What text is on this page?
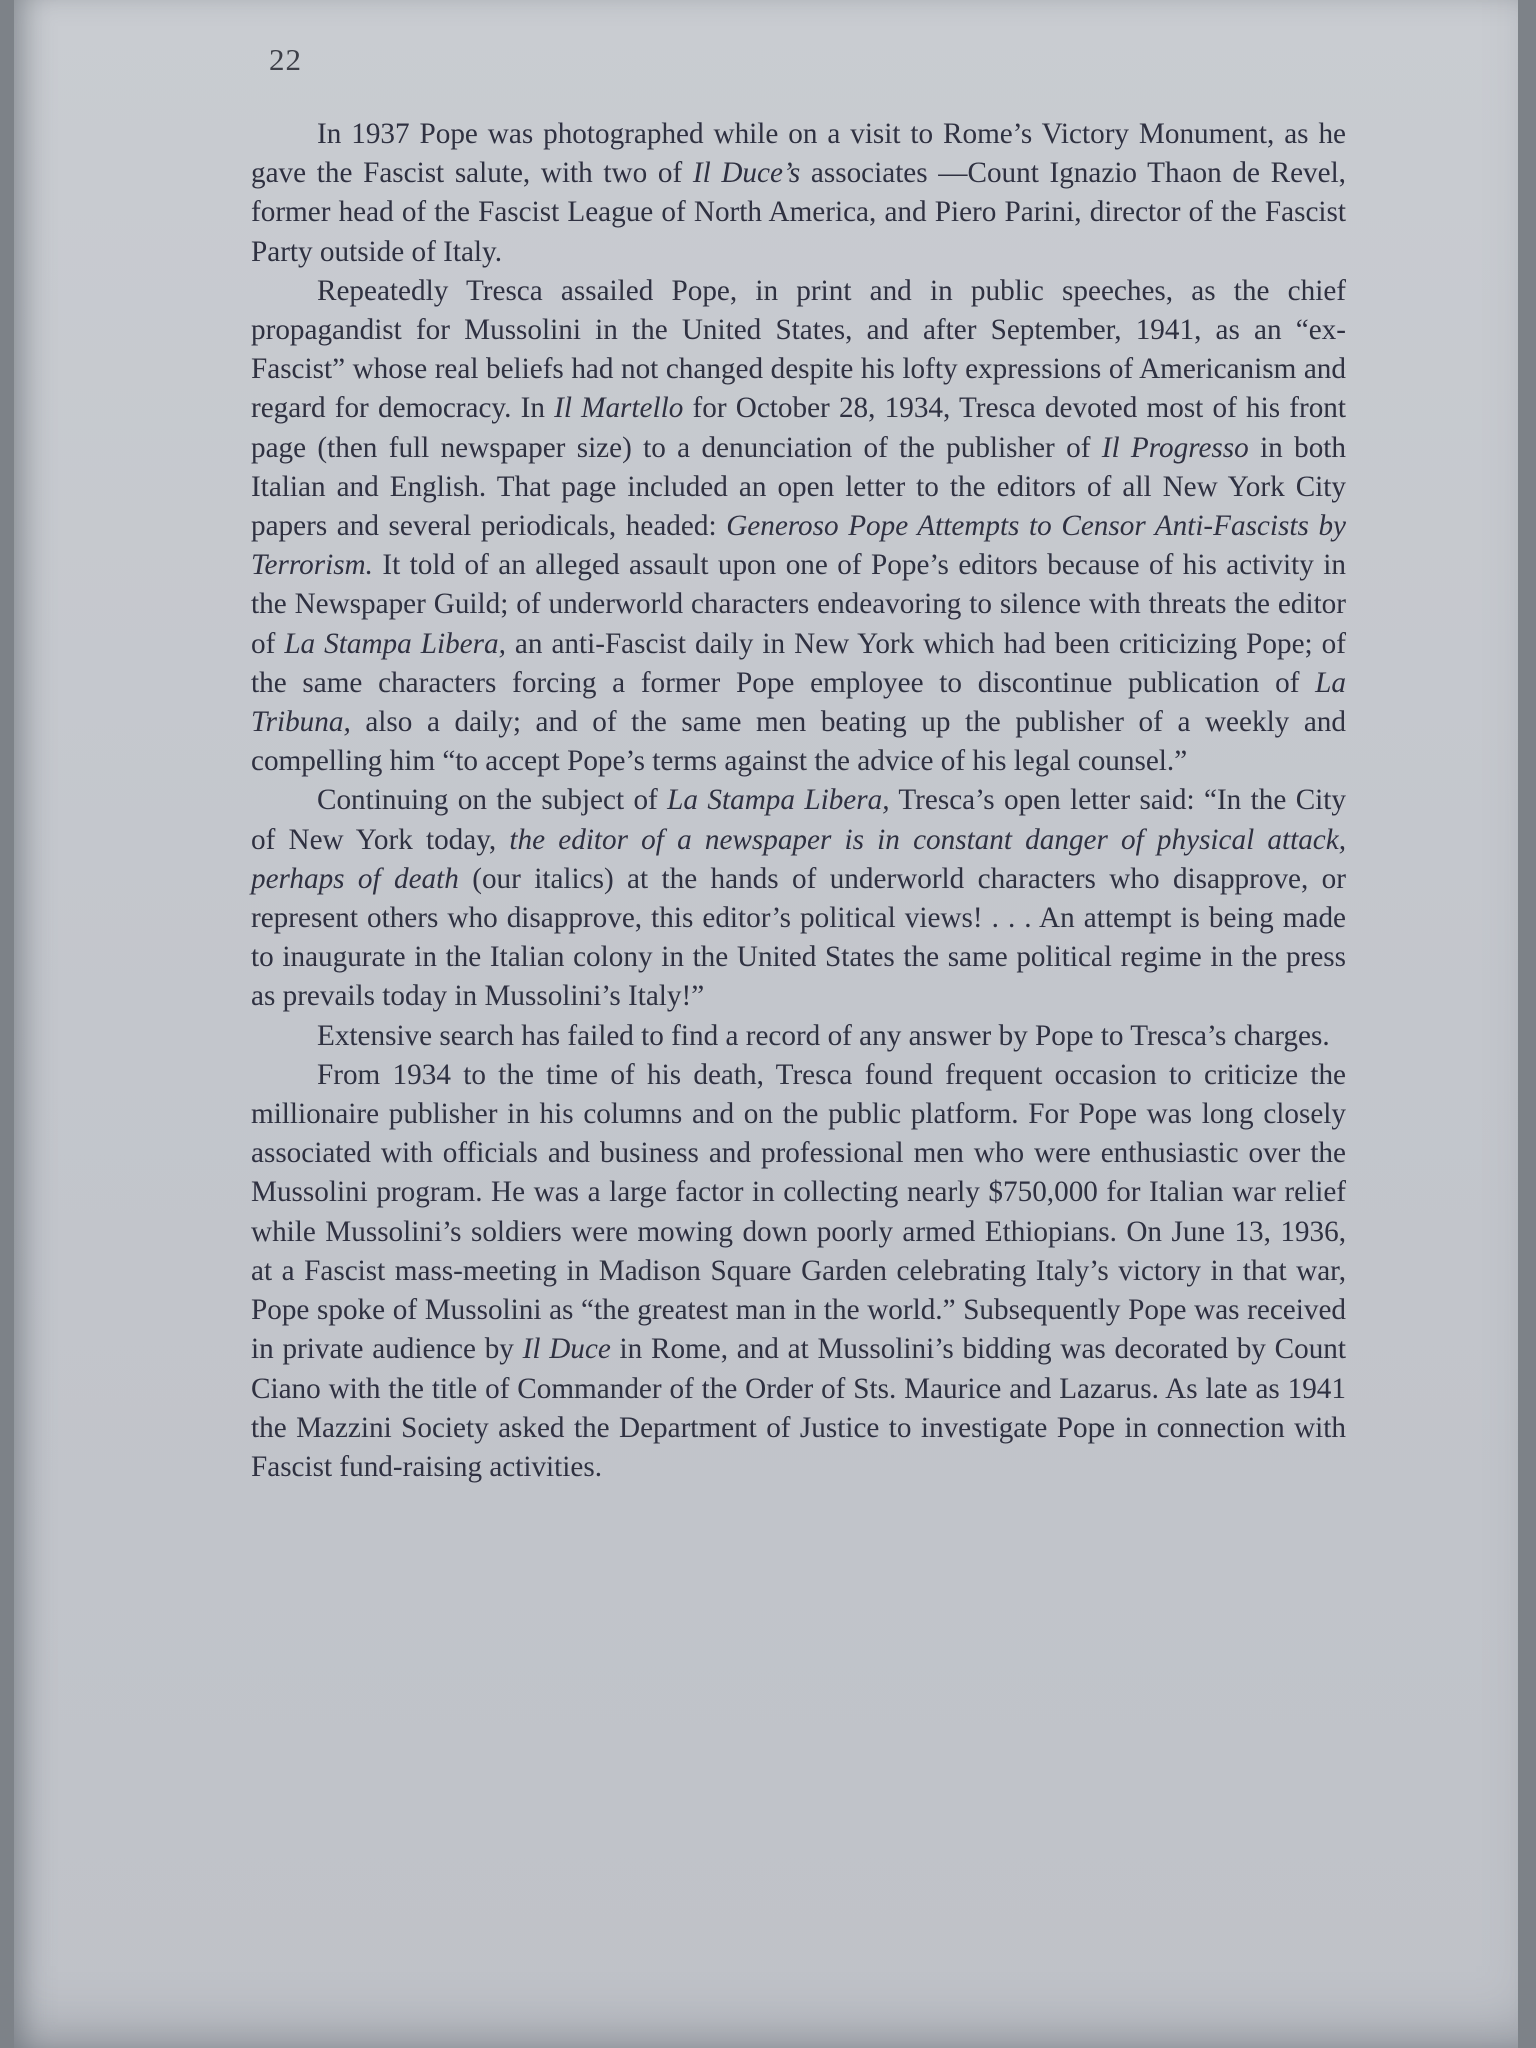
22

In 1937 Pope was photographed while on a visit to Rome’s Victory Monument, as he gave the Fascist salute, with two of Il Duce’s associates —Count Ignazio Thaon de Revel, former head of the Fascist League of North America, and Piero Parini, director of the Fascist Party outside of Italy.

Repeatedly Tresca assailed Pope, in print and in public speeches, as the chief propagandist for Mussolini in the United States, and after September, 1941, as an “ex-Fascist” whose real beliefs had not changed despite his lofty expressions of Americanism and regard for democracy. In Il Martello for October 28, 1934, Tresca devoted most of his front page (then full newspaper size) to a denunciation of the publisher of Il Progresso in both Italian and English. That page included an open letter to the editors of all New York City papers and several periodicals, headed: Generoso Pope Attempts to Censor Anti-Fascists by Terrorism. It told of an alleged assault upon one of Pope’s editors because of his activity in the Newspaper Guild; of underworld characters endeavoring to silence with threats the editor of La Stampa Libera, an anti-Fascist daily in New York which had been criticizing Pope; of the same characters forcing a former Pope employee to discontinue publication of La Tribuna, also a daily; and of the same men beating up the publisher of a weekly and compelling him “to accept Pope’s terms against the advice of his legal counsel.”

Continuing on the subject of La Stampa Libera, Tresca’s open letter said: “In the City of New York today, the editor of a newspaper is in constant danger of physical attack, perhaps of death (our italics) at the hands of underworld characters who disapprove, or represent others who disapprove, this editor’s political views! . . . An attempt is being made to inaugurate in the Italian colony in the United States the same political regime in the press as prevails today in Mussolini’s Italy!”

Extensive search has failed to find a record of any answer by Pope to Tresca’s charges.

From 1934 to the time of his death, Tresca found frequent occasion to criticize the millionaire publisher in his columns and on the public platform. For Pope was long closely associated with officials and business and professional men who were enthusiastic over the Mussolini program. He was a large factor in collecting nearly $750,000 for Italian war relief while Mussolini’s soldiers were mowing down poorly armed Ethiopians. On June 13, 1936, at a Fascist mass-meeting in Madison Square Garden celebrating Italy’s victory in that war, Pope spoke of Mussolini as “the greatest man in the world.” Subsequently Pope was received in private audience by Il Duce in Rome, and at Mussolini’s bidding was decorated by Count Ciano with the title of Commander of the Order of Sts. Maurice and Lazarus. As late as 1941 the Mazzini Society asked the Department of Justice to investigate Pope in connection with Fascist fund-raising activities.
